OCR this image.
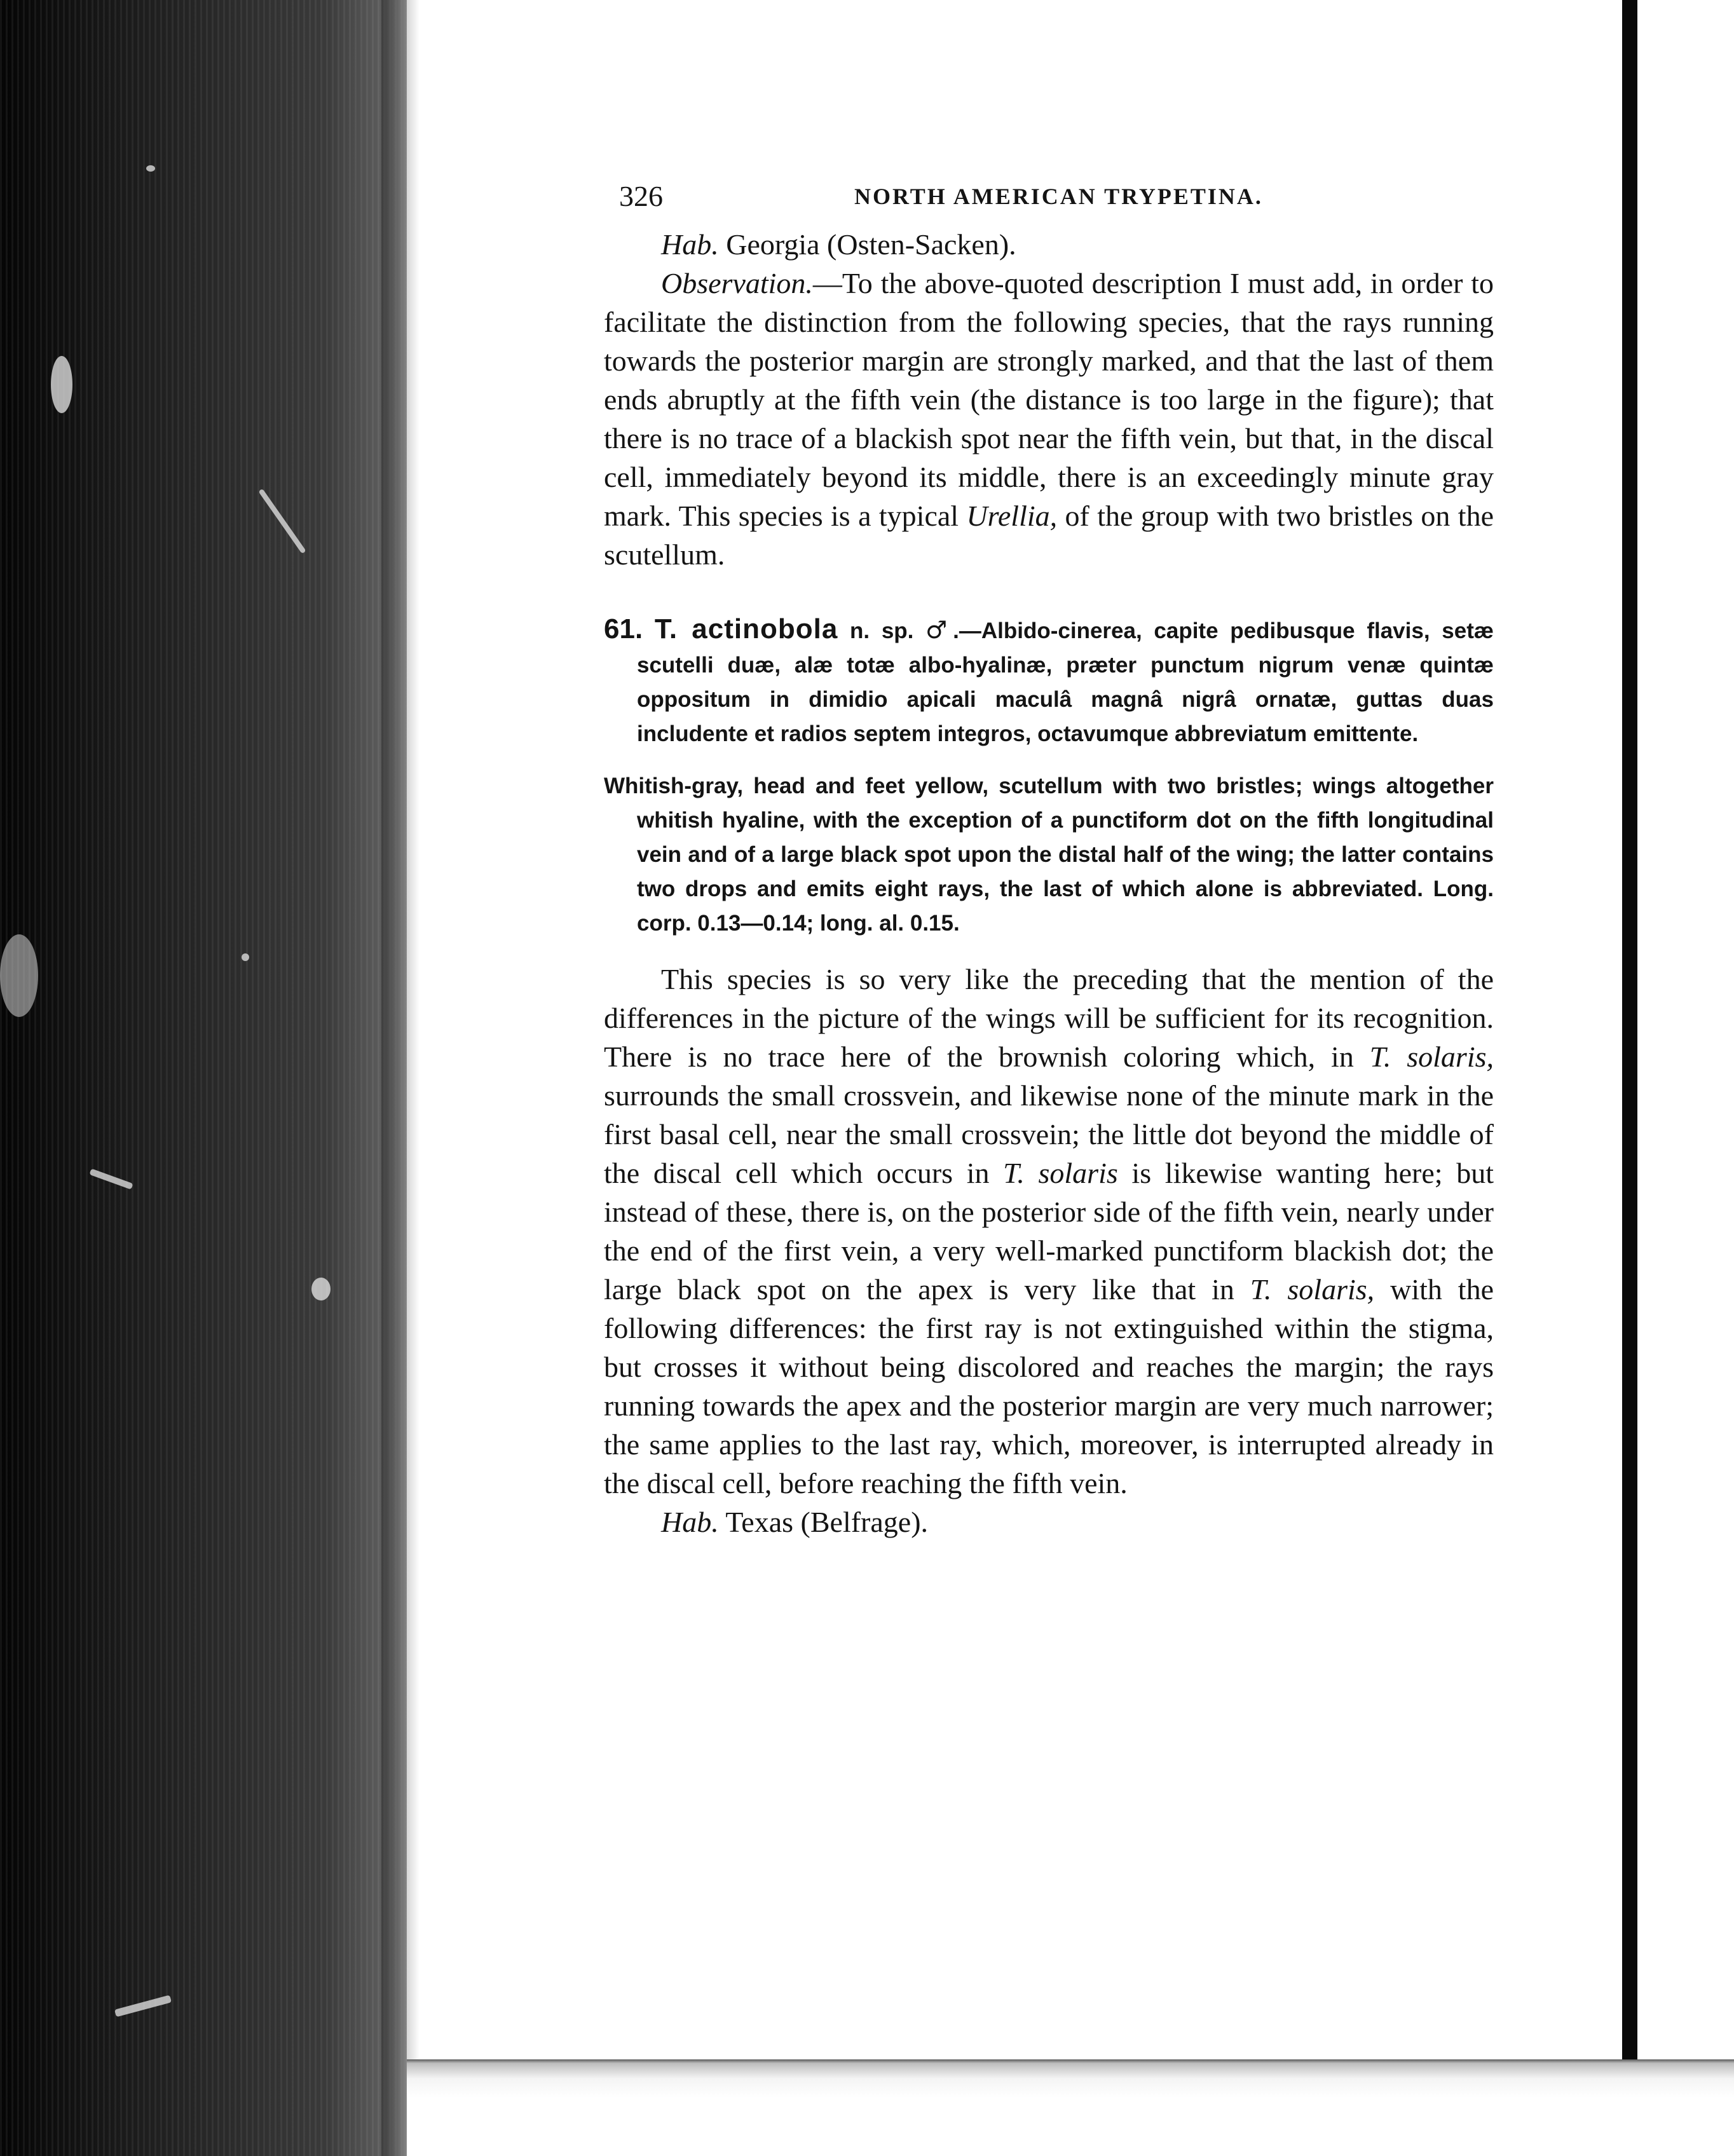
326	NORTH AMERICAN TRYPETINA.

Hab. Georgia (Osten-Sacken).

Observation.—To the above-quoted description I must add, in order to facilitate the distinction from the following species, that the rays running towards the posterior margin are strongly marked, and that the last of them ends abruptly at the fifth vein (the distance is too large in the figure); that there is no trace of a blackish spot near the fifth vein, but that, in the discal cell, immediately beyond its middle, there is an exceedingly minute gray mark. This species is a typical Urellia, of the group with two bristles on the scutellum.

61. T. actinobola n. sp. ♂.—Albido-cinerea, capite pedibusque flavis, setæ scutelli duæ, alæ totæ albo-hyalinæ, præter punctum nigrum venæ quintæ oppositum in dimidio apicali maculâ magnâ nigrâ ornatæ, guttas duas includente et radios septem integros, octavumque abbreviatum emittente.
Whitish-gray, head and feet yellow, scutellum with two bristles; wings altogether whitish hyaline, with the exception of a punctiform dot on the fifth longitudinal vein and of a large black spot upon the distal half of the wing; the latter contains two drops and emits eight rays, the last of which alone is abbreviated. Long. corp. 0.13—0.14; long. al. 0.15.

This species is so very like the preceding that the mention of the differences in the picture of the wings will be sufficient for its recognition. There is no trace here of the brownish coloring which, in T. solaris, surrounds the small crossvein, and likewise none of the minute mark in the first basal cell, near the small crossvein; the little dot beyond the middle of the discal cell which occurs in T. solaris is likewise wanting here; but instead of these, there is, on the posterior side of the fifth vein, nearly under the end of the first vein, a very well-marked punctiform blackish dot; the large black spot on the apex is very like that in T. solaris, with the following differences: the first ray is not extinguished within the stigma, but crosses it without being discolored and reaches the margin; the rays running towards the apex and the posterior margin are very much narrower; the same applies to the last ray, which, moreover, is interrupted already in the discal cell, before reaching the fifth vein.

Hab. Texas (Belfrage).
